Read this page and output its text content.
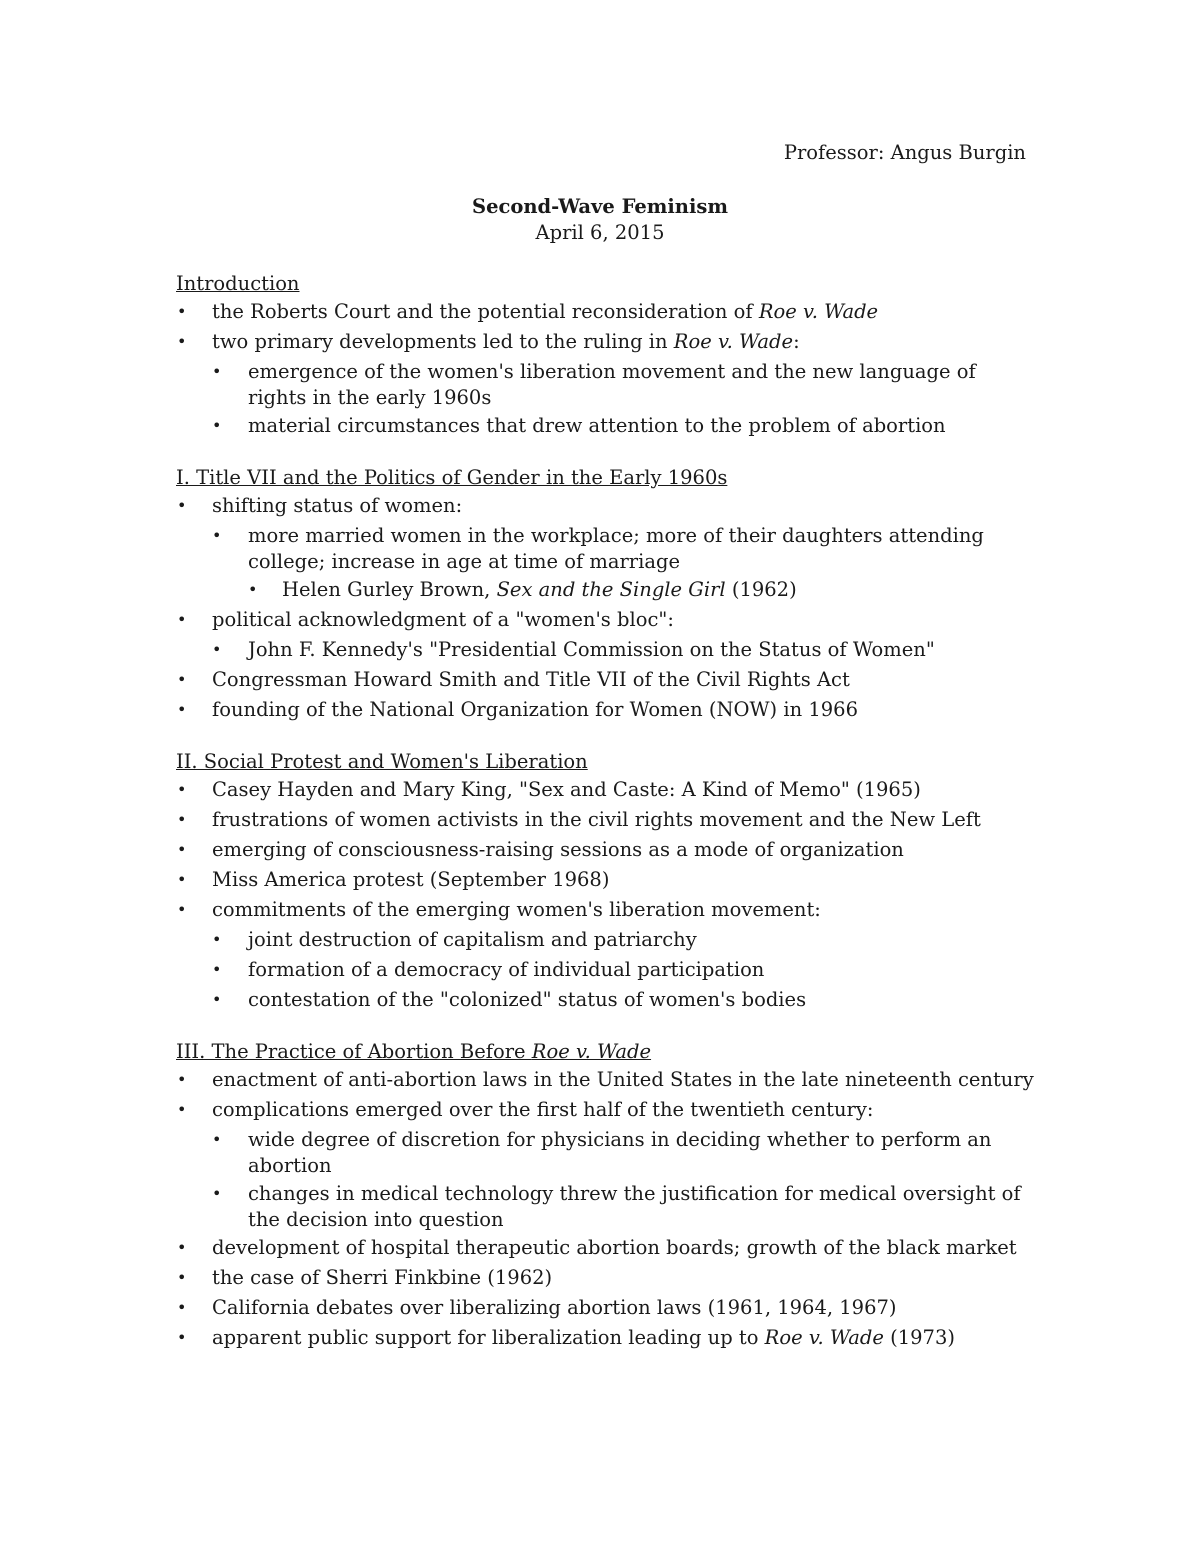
Professor: Angus Burgin
Second-Wave Feminism
April 6, 2015
Introduction
• the Roberts Court and the potential reconsideration of Roe v. Wade
• two primary developments led to the ruling in Roe v. Wade:
• emergence of the women's liberation movement and the new language of rights in the early 1960s
• material circumstances that drew attention to the problem of abortion
I. Title VII and the Politics of Gender in the Early 1960s
• shifting status of women:
• more married women in the workplace; more of their daughters attending college; increase in age at time of marriage
• Helen Gurley Brown, Sex and the Single Girl (1962)
• political acknowledgment of a "women's bloc":
• John F. Kennedy's "Presidential Commission on the Status of Women"
• Congressman Howard Smith and Title VII of the Civil Rights Act
• founding of the National Organization for Women (NOW) in 1966
II. Social Protest and Women's Liberation
• Casey Hayden and Mary King, "Sex and Caste: A Kind of Memo" (1965)
• frustrations of women activists in the civil rights movement and the New Left
• emerging of consciousness-raising sessions as a mode of organization
• Miss America protest (September 1968)
• commitments of the emerging women's liberation movement:
• joint destruction of capitalism and patriarchy
• formation of a democracy of individual participation
• contestation of the "colonized" status of women's bodies
III. The Practice of Abortion Before Roe v. Wade
• enactment of anti-abortion laws in the United States in the late nineteenth century
• complications emerged over the first half of the twentieth century:
• wide degree of discretion for physicians in deciding whether to perform an abortion
• changes in medical technology threw the justification for medical oversight of the decision into question
• development of hospital therapeutic abortion boards; growth of the black market
• the case of Sherri Finkbine (1962)
• California debates over liberalizing abortion laws (1961, 1964, 1967)
• apparent public support for liberalization leading up to Roe v. Wade (1973)
